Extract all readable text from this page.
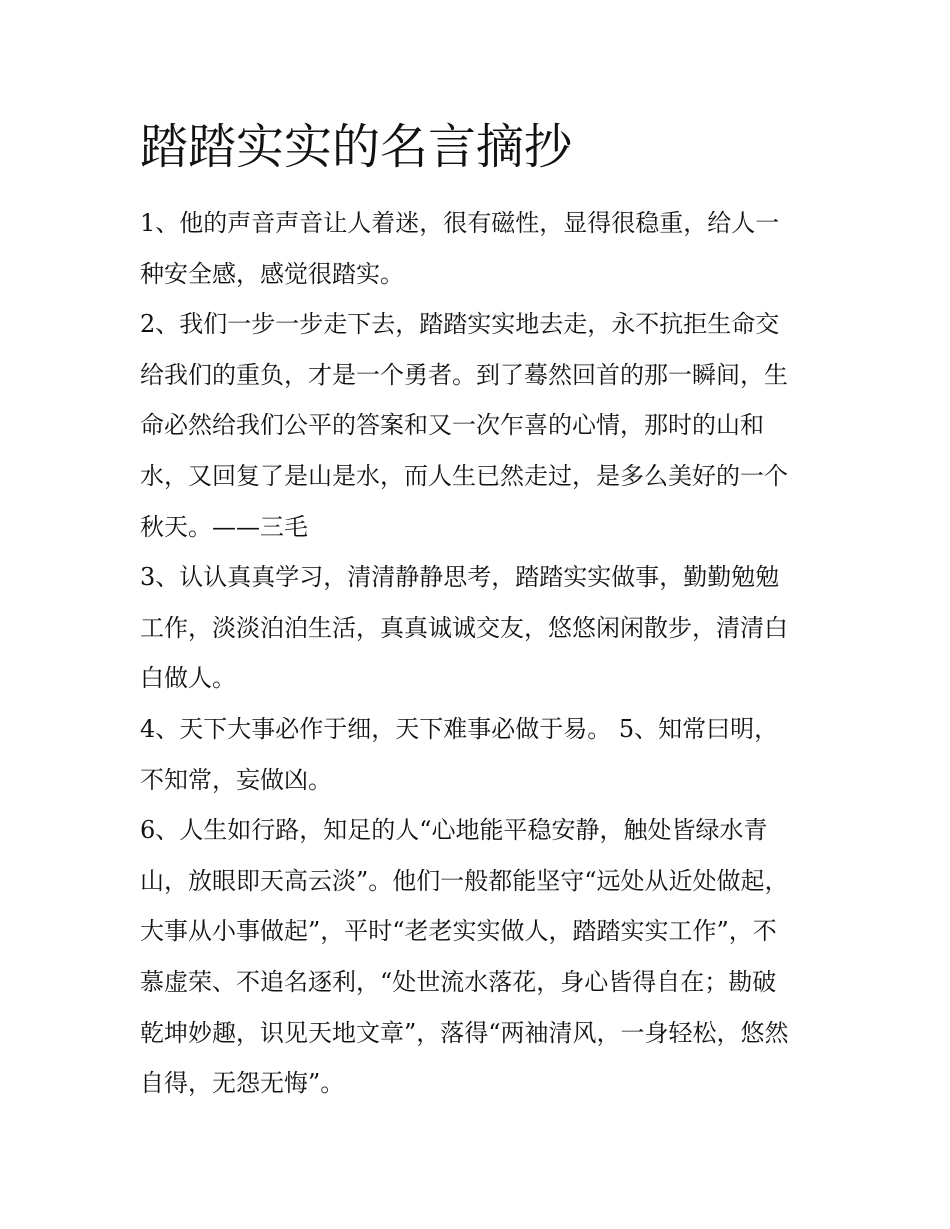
踏踏实实的名言摘抄
1、他的声音声音让人着迷，很有磁性，显得很稳重，给人一
种安全感，感觉很踏实。
2、我们一步一步走下去，踏踏实实地去走，永不抗拒生命交
给我们的重负，才是一个勇者。到了蓦然回首的那一瞬间，生
命必然给我们公平的答案和又一次乍喜的心情，那时的山和
水，又回复了是山是水，而人生已然走过，是多么美好的一个
秋天。——三毛
3、认认真真学习，清清静静思考，踏踏实实做事，勤勤勉勉
工作，淡淡泊泊生活，真真诚诚交友，悠悠闲闲散步，清清白
白做人。
4、天下大事必作于细，天下难事必做于易。 5、知常曰明，
不知常，妄做凶。
6、人生如行路，知足的人“心地能平稳安静，触处皆绿水青
山，放眼即天高云淡”。他们一般都能坚守“远处从近处做起，
大事从小事做起”，平时“老老实实做人，踏踏实实工作”，不
慕虚荣、不追名逐利，“处世流水落花，身心皆得自在；勘破
乾坤妙趣，识见天地文章”，落得“两袖清风，一身轻松，悠然
自得，无怨无悔”。
